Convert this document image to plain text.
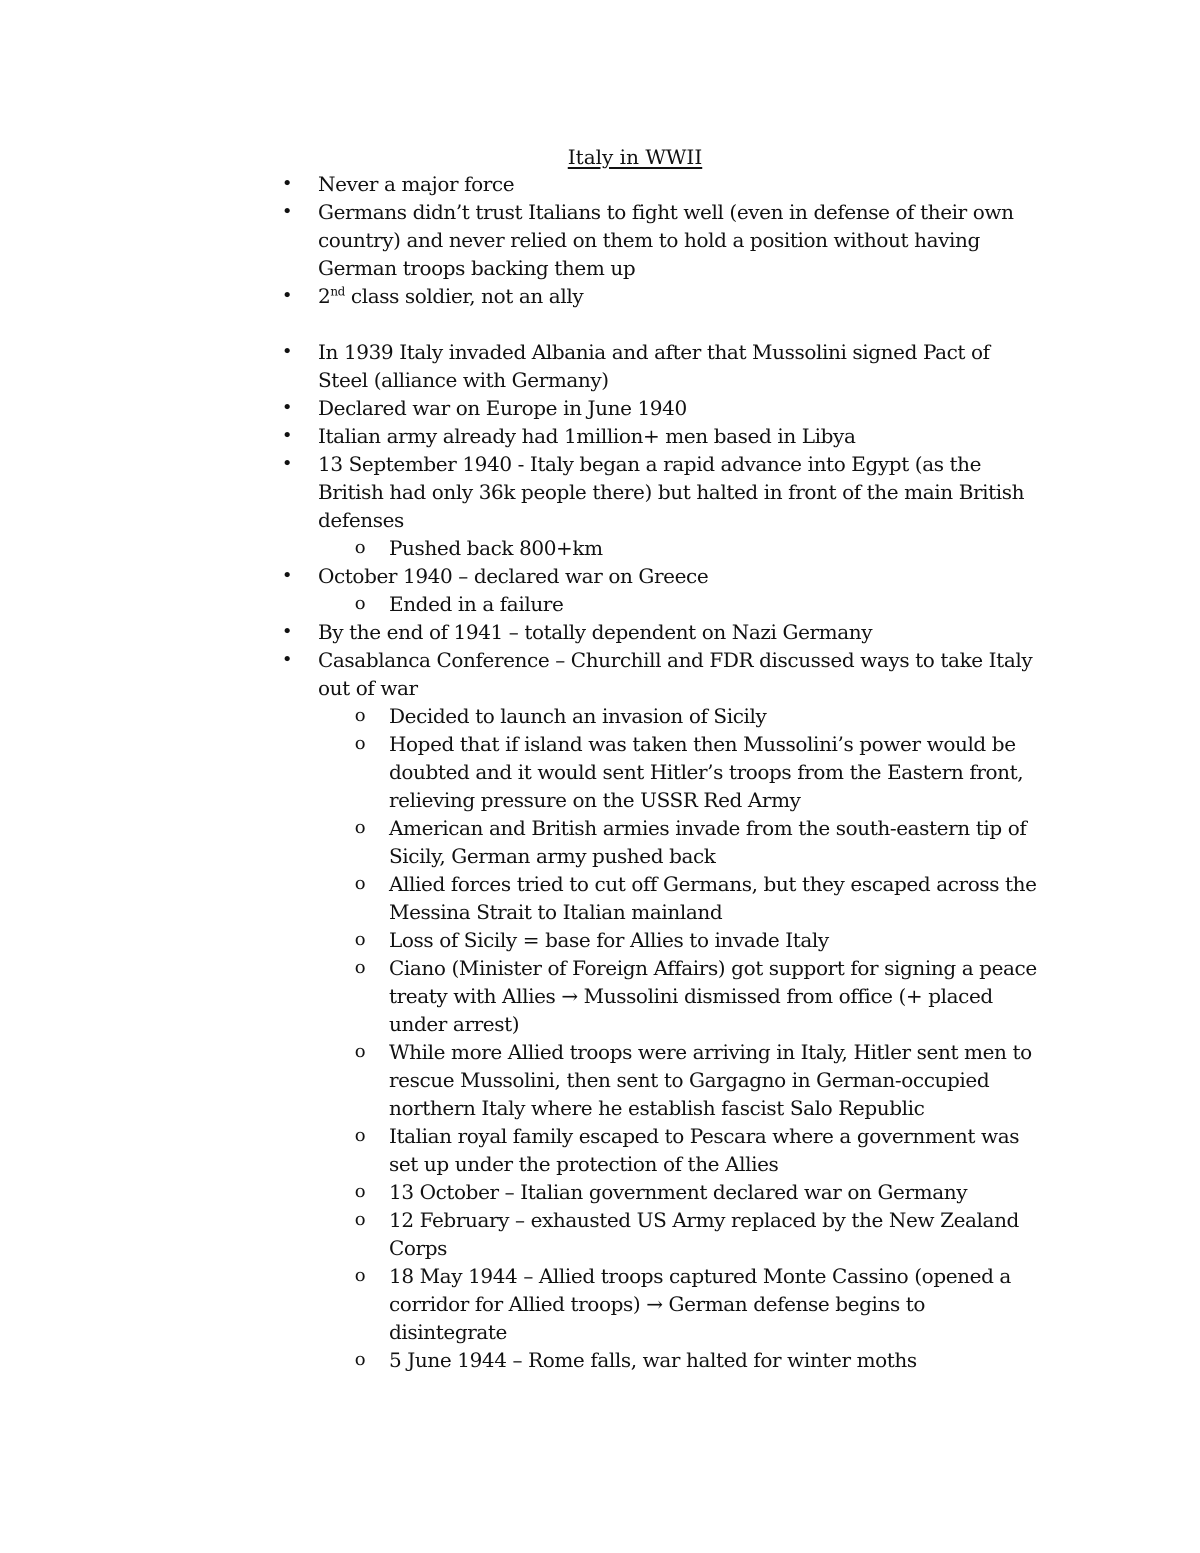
Italy in WWII
• Never a major force
• Germans didn’t trust Italians to fight well (even in defense of their own country) and never relied on them to hold a position without having German troops backing them up
• 2nd class soldier, not an ally
• In 1939 Italy invaded Albania and after that Mussolini signed Pact of Steel (alliance with Germany)
• Declared war on Europe in June 1940
• Italian army already had 1million+ men based in Libya
• 13 September 1940 - Italy began a rapid advance into Egypt (as the British had only 36k people there) but halted in front of the main British defenses
o Pushed back 800+km
• October 1940 – declared war on Greece
o Ended in a failure
• By the end of 1941 – totally dependent on Nazi Germany
• Casablanca Conference – Churchill and FDR discussed ways to take Italy out of war
o Decided to launch an invasion of Sicily
o Hoped that if island was taken then Mussolini’s power would be doubted and it would sent Hitler’s troops from the Eastern front, relieving pressure on the USSR Red Army
o American and British armies invade from the south-eastern tip of Sicily, German army pushed back
o Allied forces tried to cut off Germans, but they escaped across the Messina Strait to Italian mainland
o Loss of Sicily = base for Allies to invade Italy
o Ciano (Minister of Foreign Affairs) got support for signing a peace treaty with Allies → Mussolini dismissed from office (+ placed under arrest)
o While more Allied troops were arriving in Italy, Hitler sent men to rescue Mussolini, then sent to Gargagno in German-occupied northern Italy where he establish fascist Salo Republic
o Italian royal family escaped to Pescara where a government was set up under the protection of the Allies
o 13 October – Italian government declared war on Germany
o 12 February – exhausted US Army replaced by the New Zealand Corps
o 18 May 1944 – Allied troops captured Monte Cassino (opened a corridor for Allied troops) → German defense begins to disintegrate
o 5 June 1944 – Rome falls, war halted for winter moths
